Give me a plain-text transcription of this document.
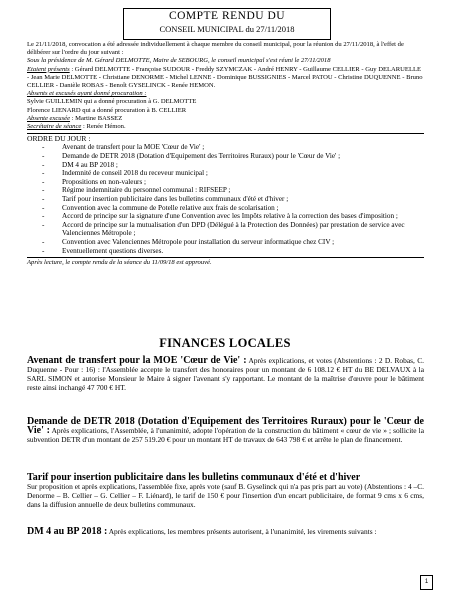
COMPTE RENDU DU
CONSEIL MUNICIPAL du 27/11/2018

Le 21/11/2018, convocation a été adressée individuellement à chaque membre du conseil municipal, pour la réunion du 27/11/2018, à l'effet de délibérer sur l'ordre du jour suivant :

Sous la présidence de M. Gérard DELMOTTE, Maire de SEBOURG, le conseil municipal s'est réuni le 27/11/2018

Etaient présents : Gérard DELMOTTE - Françoise SUDOUR - Freddy SZYMCZAK - André HENRY - Guillaume CELLIER - Guy DELARUELLE - Jean Marie DELMOTTE - Christiane DENORME - Michel LENNE - Dominique BUSSIGNIES - Marcel PATOU - Christine DUQUENNE - Bruno CELLIER - Danièle ROBAS - Benoît GYSELINCK - Renée HEMON.

Absents et excusés ayant donné procuration :

Sylvie GUILLEMIN qui a donné procuration à G. DELMOTTE

Florence LIENARD qui a donné procuration à B. CELLIER

Absente excusée : Martine BASSEZ

Secrétaire de séance : Renée Hémon.

ORDRE DU JOUR :

- Avenant de transfert pour la MOE 'Cœur de Vie' ;
- Demande de DETR 2018 (Dotation d'Equipement des Territoires Ruraux) pour le 'Cœur de Vie' ;
- DM 4 au BP 2018 ;
- Indemnité de conseil 2018 du receveur municipal ;
- Propositions en non-valeurs ;
- Régime indemnitaire du personnel communal : RIFSEEP ;
- Tarif pour insertion publicitaire dans les bulletins communaux d'été et d'hiver ;
- Convention avec la commune de Potelle relative aux frais de scolarisation ;
- Accord de principe sur la signature d'une Convention avec les Impôts relative à la correction des bases d'imposition ;
- Accord de principe sur la mutualisation d'un DPD (Délégué à la Protection des Données) par prestation de service avec Valenciennes Métropole ;
- Convention avec Valenciennes Métropole pour installation du serveur informatique chez CIV ;
- Eventuellement questions diverses.

Après lecture, le compte rendu de la séance du 11/09/18 est approuvé.

FINANCES LOCALES
Avenant de transfert pour la MOE 'Cœur de Vie' : Après explications, et votes (Abstentions : 2 D. Robas, C. Duquenne - Pour : 16) : l'Assemblée accepte le transfert des honoraires pour un montant de 6 108.12 € HT du BE DELVAUX à la SARL SIMON et autorise Monsieur le Maire à signer l'avenant s'y rapportant. Le montant de la maîtrise d'œuvre pour le bâtiment reste ainsi inchangé 47 700 € HT.
Demande de DETR 2018 (Dotation d'Equipement des Territoires Ruraux) pour le 'Cœur de Vie' : Après explications, l'Assemblée, à l'unanimité, adopte l'opération de la construction du bâtiment « cœur de vie » ; sollicite la subvention DETR d'un montant de 257 519.20 € pour un montant HT de travaux de 643 798 € et arrête le plan de financement.
Tarif pour insertion publicitaire dans les bulletins communaux d'été et d'hiver
Sur proposition et après explications, l'assemblée fixe, après vote (sauf B. Gyselinck qui n'a pas pris part au vote) (Abstentions : 4 –C. Denorme – B. Cellier – G. Cellier – F. Liénard), le tarif de 150 € pour l'insertion d'un encart publicitaire, de format 9 cms x 6 cms, dans la diffusion annuelle de deux bulletins communaux.
DM 4 au BP 2018 : Après explications, les membres présents autorisent, à l'unanimité, les virements suivants :
1
